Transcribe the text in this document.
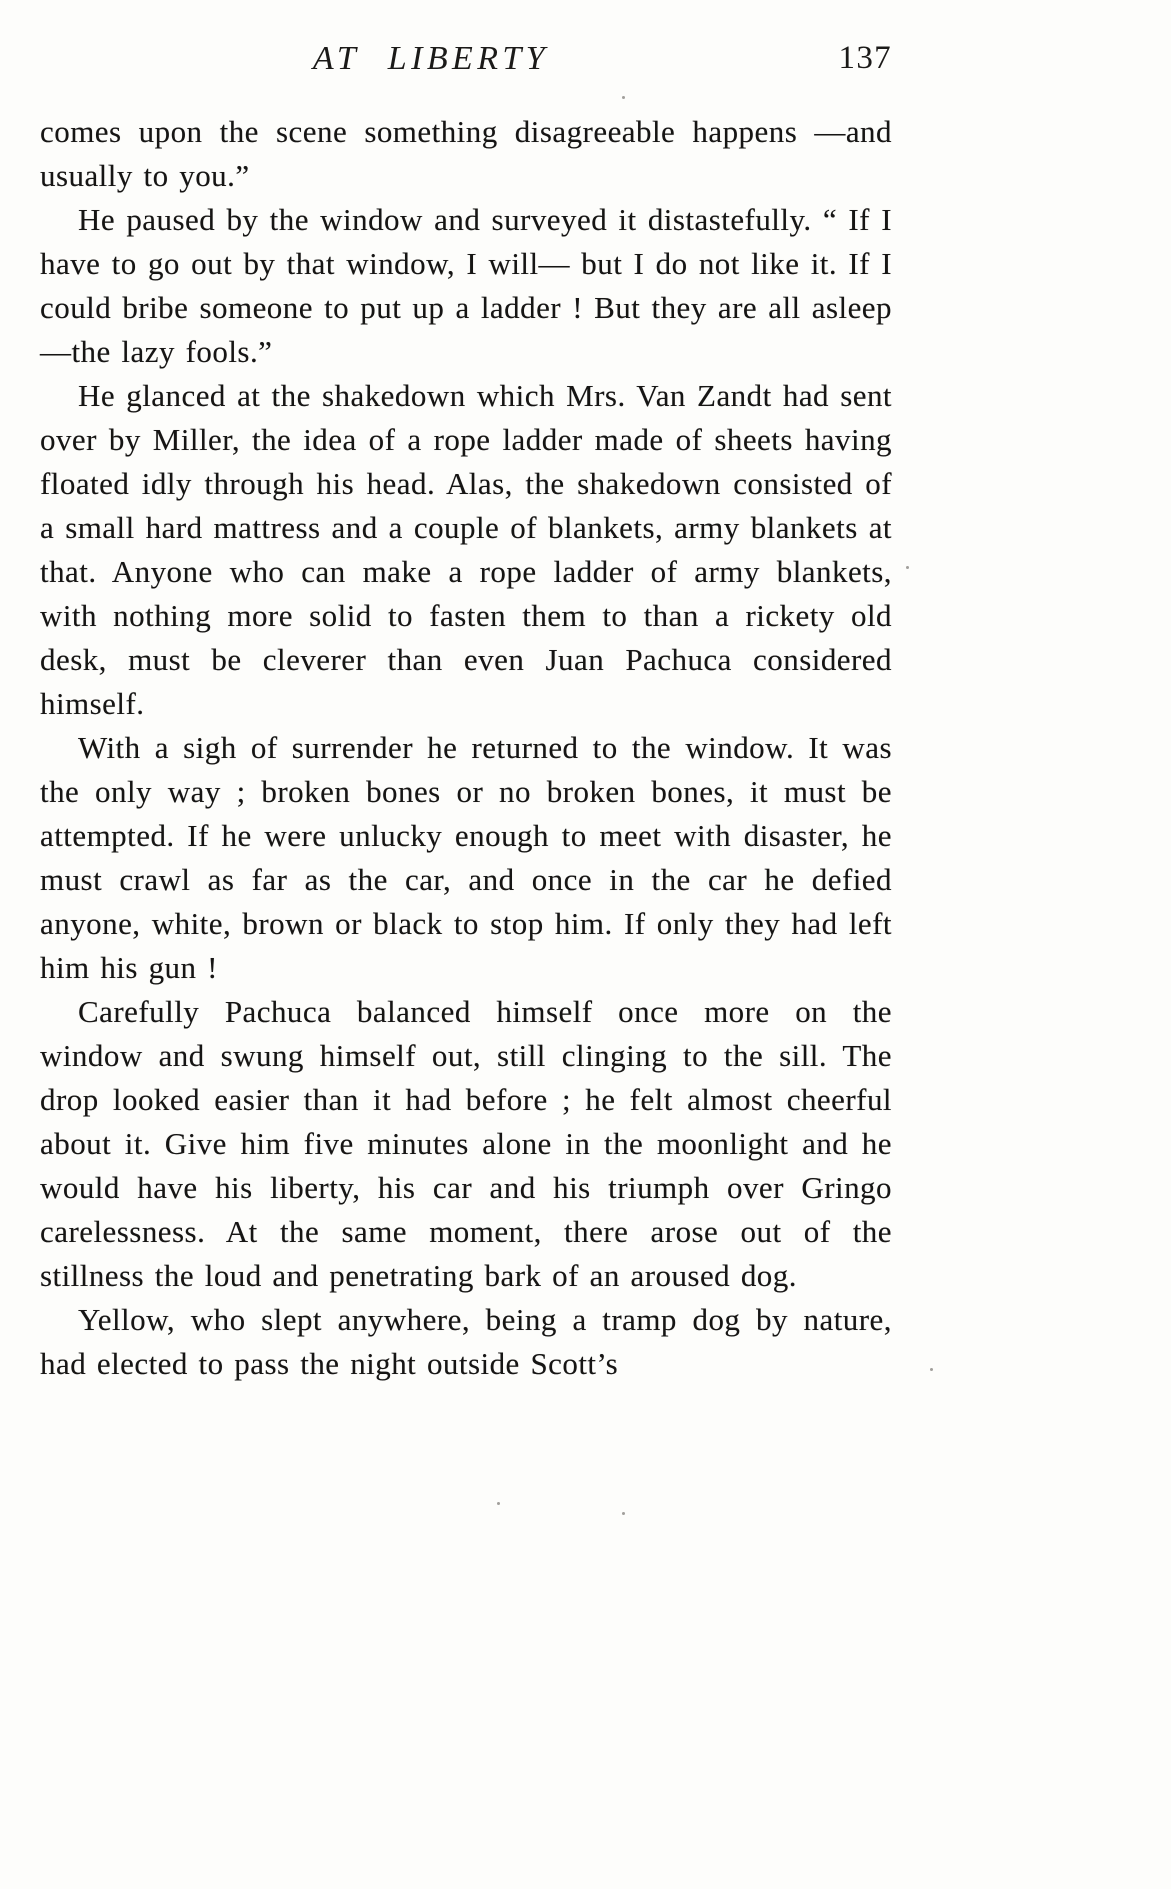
AT LIBERTY	137

comes upon the scene something disagreeable happens —and usually to you.”

He paused by the window and surveyed it distastefully. “ If I have to go out by that window, I will— but I do not like it. If I could bribe someone to put up a ladder ! But they are all asleep—the lazy fools.”

He glanced at the shakedown which Mrs. Van Zandt had sent over by Miller, the idea of a rope ladder made of sheets having floated idly through his head. Alas, the shakedown consisted of a small hard mattress and a couple of blankets, army blankets at that. Anyone who can make a rope ladder of army blankets, with nothing more solid to fasten them to than a rickety old desk, must be cleverer than even Juan Pachuca considered himself.

With a sigh of surrender he returned to the window. It was the only way ; broken bones or no broken bones, it must be attempted. If he were unlucky enough to meet with disaster, he must crawl as far as the car, and once in the car he defied anyone, white, brown or black to stop him. If only they had left him his gun !

Carefully Pachuca balanced himself once more on the window and swung himself out, still clinging to the sill. The drop looked easier than it had before ; he felt almost cheerful about it. Give him five minutes alone in the moonlight and he would have his liberty, his car and his triumph over Gringo carelessness. At the same moment, there arose out of the stillness the loud and penetrating bark of an aroused dog.

Yellow, who slept anywhere, being a tramp dog by nature, had elected to pass the night outside Scott’s
